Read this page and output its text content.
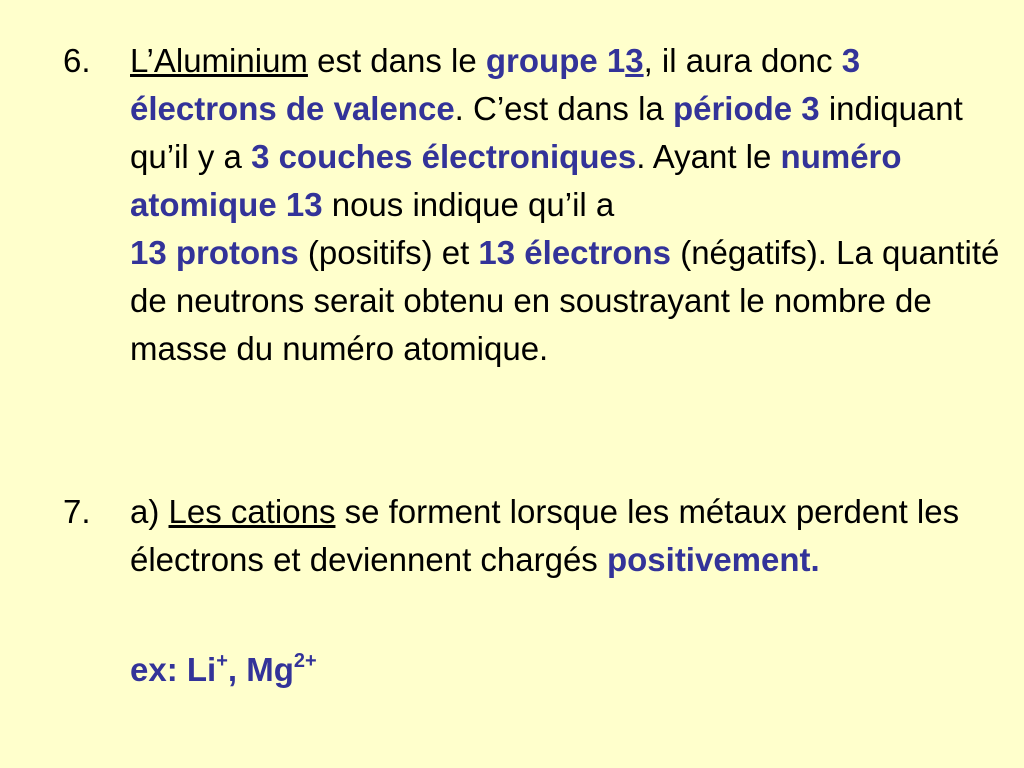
6. L’Aluminium est dans le groupe 13, il aura donc 3 électrons de valence. C’est dans la période 3 indiquant qu’il y a 3 couches électroniques. Ayant le numéro atomique 13 nous indique qu’il a
13 protons (positifs) et 13 électrons (négatifs). La quantité de neutrons serait obtenu en soustrayant le nombre de masse du numéro atomique.
7. a) Les cations se forment lorsque les métaux perdent les électrons et deviennent chargés positivement.
ex: Li+, $Mg^{2+}$
